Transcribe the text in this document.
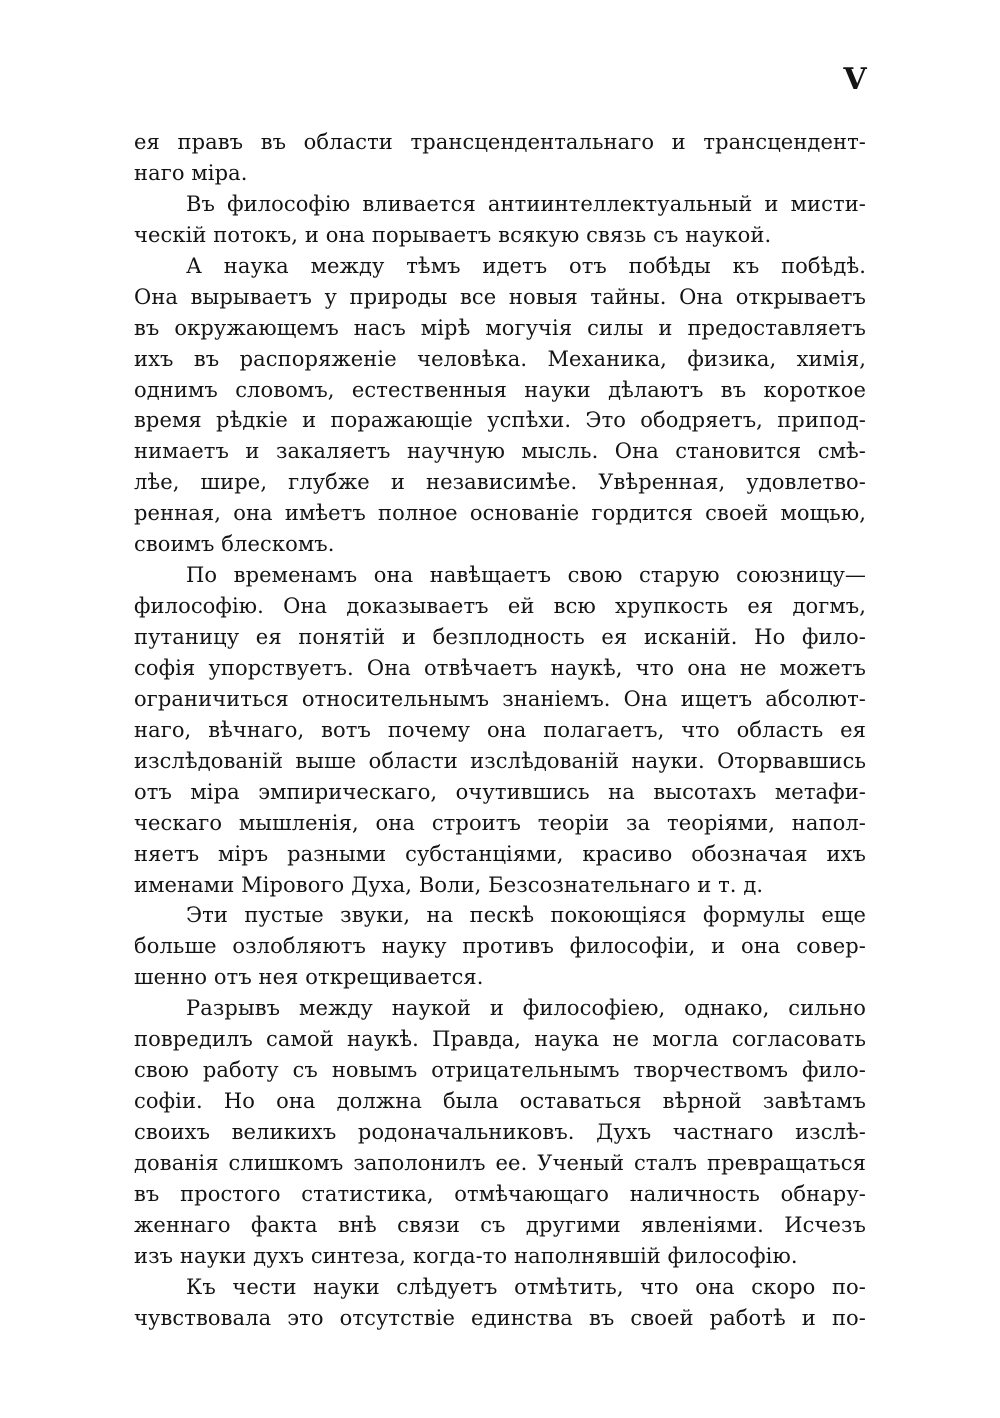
V
ея правъ въ области трансцендентальнаго и трансцендент-
наго міра.
Въ философію вливается антиинтеллектуальный и мисти-
ческій потокъ, и она порываетъ всякую связь съ наукой.
А наука между тѣмъ идетъ отъ побѣды къ побѣдѣ.
Она вырываетъ у природы все новыя тайны. Она открываетъ
въ окружающемъ насъ мірѣ могучія силы и предоставляетъ
ихъ въ распоряженіе человѣка. Механика, физика, химія,
однимъ словомъ, естественныя науки дѣлаютъ въ короткое
время рѣдкіе и поражающіе успѣхи. Это ободряетъ, припод-
нимаетъ и закаляетъ научную мысль. Она становится смѣ-
лѣе, шире, глубже и независимѣе. Увѣренная, удовлетво-
ренная, она имѣетъ полное основаніе гордится своей мощью,
своимъ блескомъ.
По временамъ она навѣщаетъ свою старую союзницу—
философію. Она доказываетъ ей всю хрупкость ея догмъ,
путаницу ея понятій и безплодность ея исканій. Но фило-
софія упорствуетъ. Она отвѣчаетъ наукѣ, что она не можетъ
ограничиться относительнымъ знаніемъ. Она ищетъ абсолют-
наго, вѣчнаго, вотъ почему она полагаетъ, что область ея
изслѣдованій выше области изслѣдованій науки. Оторвавшись
отъ міра эмпирическаго, очутившись на высотахъ метафи-
ческаго мышленія, она строитъ теоріи за теоріями, напол-
няетъ міръ разными субстанціями, красиво обозначая ихъ
именами Мірового Духа, Воли, Безсознательнаго и т. д.
Эти пустые звуки, на пескѣ покоющіяся формулы еще
больше озлобляютъ науку противъ философіи, и она совер-
шенно отъ нея открещивается.
Разрывъ между наукой и философіею, однако, сильно
повредилъ самой наукѣ. Правда, наука не могла согласовать
свою работу съ новымъ отрицательнымъ творчествомъ фило-
софіи. Но она должна была оставаться вѣрной завѣтамъ
своихъ великихъ родоначальниковъ. Духъ частнаго изслѣ-
дованія слишкомъ заполонилъ ее. Ученый сталъ превращаться
въ простого статистика, отмѣчающаго наличность обнару-
женнаго факта внѣ связи съ другими явленіями. Исчезъ
изъ науки духъ синтеза, когда-то наполнявшій философію.
Къ чести науки слѣдуетъ отмѣтить, что она скоро по-
чувствовала это отсутствіе единства въ своей работѣ и по-
